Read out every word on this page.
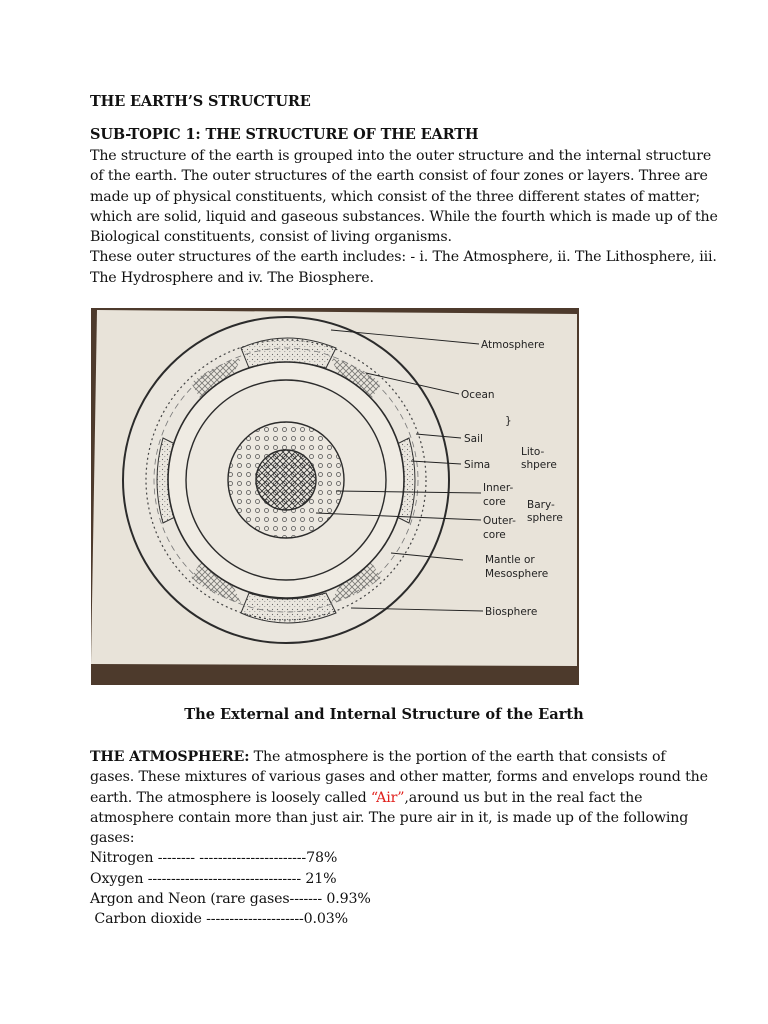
THE EARTH’S STRUCTURE
SUB-TOPIC 1: THE STRUCTURE OF THE EARTH
The structure of the earth is grouped into the outer structure and the internal structure
of the earth. The outer structures of the earth consist of four zones or layers. Three are
made up of physical constituents, which consist of the three different states of matter;
which are solid, liquid and gaseous substances. While the fourth which is made up of the
Biological constituents, consist of living organisms.
These outer structures of the earth includes: - i. The Atmosphere, ii. The Lithosphere, iii.
The Hydrosphere and iv. The Biosphere.
Atmosphere
Ocean
Sail
Sima
}
Lito-
shpere
Inner-
core Bary-
sphere
Outer-
core
Mantle or
Mesosphere
Biosphere
The External and Internal Structure of the Earth
THE ATMOSPHERE: The atmosphere is the portion of the earth that consists of
gases. These mixtures of various gases and other matter, forms and envelops round the
earth. The atmosphere is loosely called “Air”,around us but in the real fact the
atmosphere contain more than just air. The pure air in it, is made up of the following
gases:
Nitrogen -------- -----------------------78%
Oxygen --------------------------------- 21%
Argon and Neon (rare gases------- 0.93%
Carbon dioxide ---------------------0.03%
